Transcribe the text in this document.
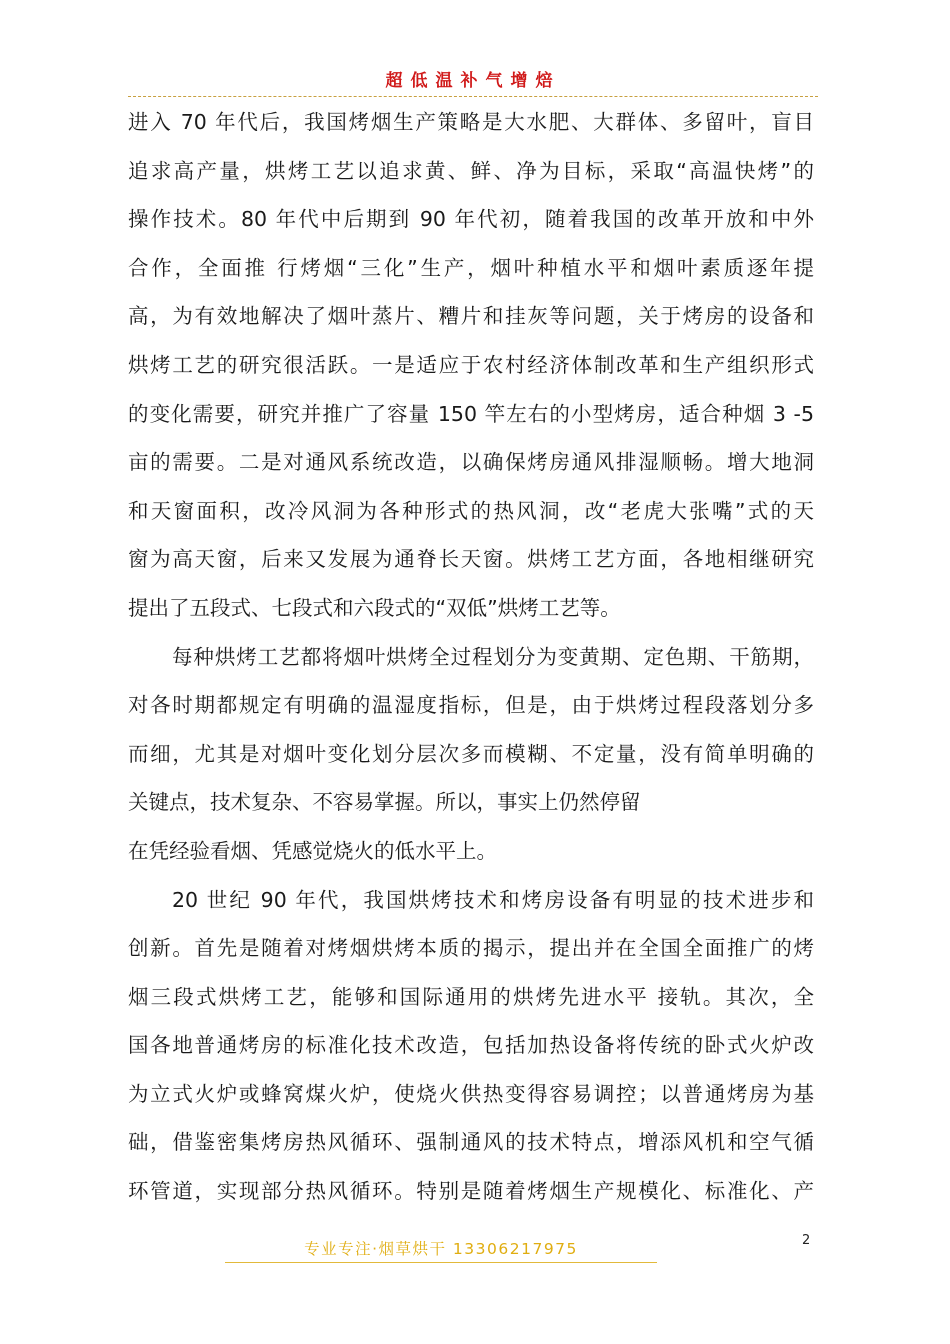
超低温补气增焙
进入 70 年代后，我国烤烟生产策略是大水肥、大群体、多留叶，盲目
追求高产量，烘烤工艺以追求黄、鲜、净为目标，采取“高温快烤”的
操作技术。80 年代中后期到 90 年代初，随着我国的改革开放和中外
合作，全面推 行烤烟“三化”生产，烟叶种植水平和烟叶素质逐年提
高，为有效地解决了烟叶蒸片、糟片和挂灰等问题，关于烤房的设备和
烘烤工艺的研究很活跃。一是适应于农村经济体制改革和生产组织形式
的变化需要，研究并推广了容量 150 竿左右的小型烤房，适合种烟 3 -5
亩的需要。二是对通风系统改造，以确保烤房通风排湿顺畅。增大地洞
和天窗面积，改冷风洞为各种形式的热风洞，改“老虎大张嘴”式的天
窗为高天窗，后来又发展为通脊长天窗。烘烤工艺方面，各地相继研究
提出了五段式、七段式和六段式的“双低”烘烤工艺等。
每种烘烤工艺都将烟叶烘烤全过程划分为变黄期、定色期、干筋期，
对各时期都规定有明确的温湿度指标，但是，由于烘烤过程段落划分多
而细，尤其是对烟叶变化划分层次多而模糊、不定量，没有简单明确的
关键点，技术复杂、不容易掌握。所以，事实上仍然停留
在凭经验看烟、凭感觉烧火的低水平上。
20 世纪 90 年代，我国烘烤技术和烤房设备有明显的技术进步和
创新。首先是随着对烤烟烘烤本质的揭示，提出并在全国全面推广的烤
烟三段式烘烤工艺，能够和国际通用的烘烤先进水平 接轨。其次，全
国各地普通烤房的标准化技术改造，包括加热设备将传统的卧式火炉改
为立式火炉或蜂窝煤火炉，使烧火供热变得容易调控；以普通烤房为基
础，借鉴密集烤房热风循环、强制通风的技术特点，增添风机和空气循
环管道，实现部分热风循环。特别是随着烤烟生产规模化、标准化、产
专业专注·烟草烘干 13306217975	2
